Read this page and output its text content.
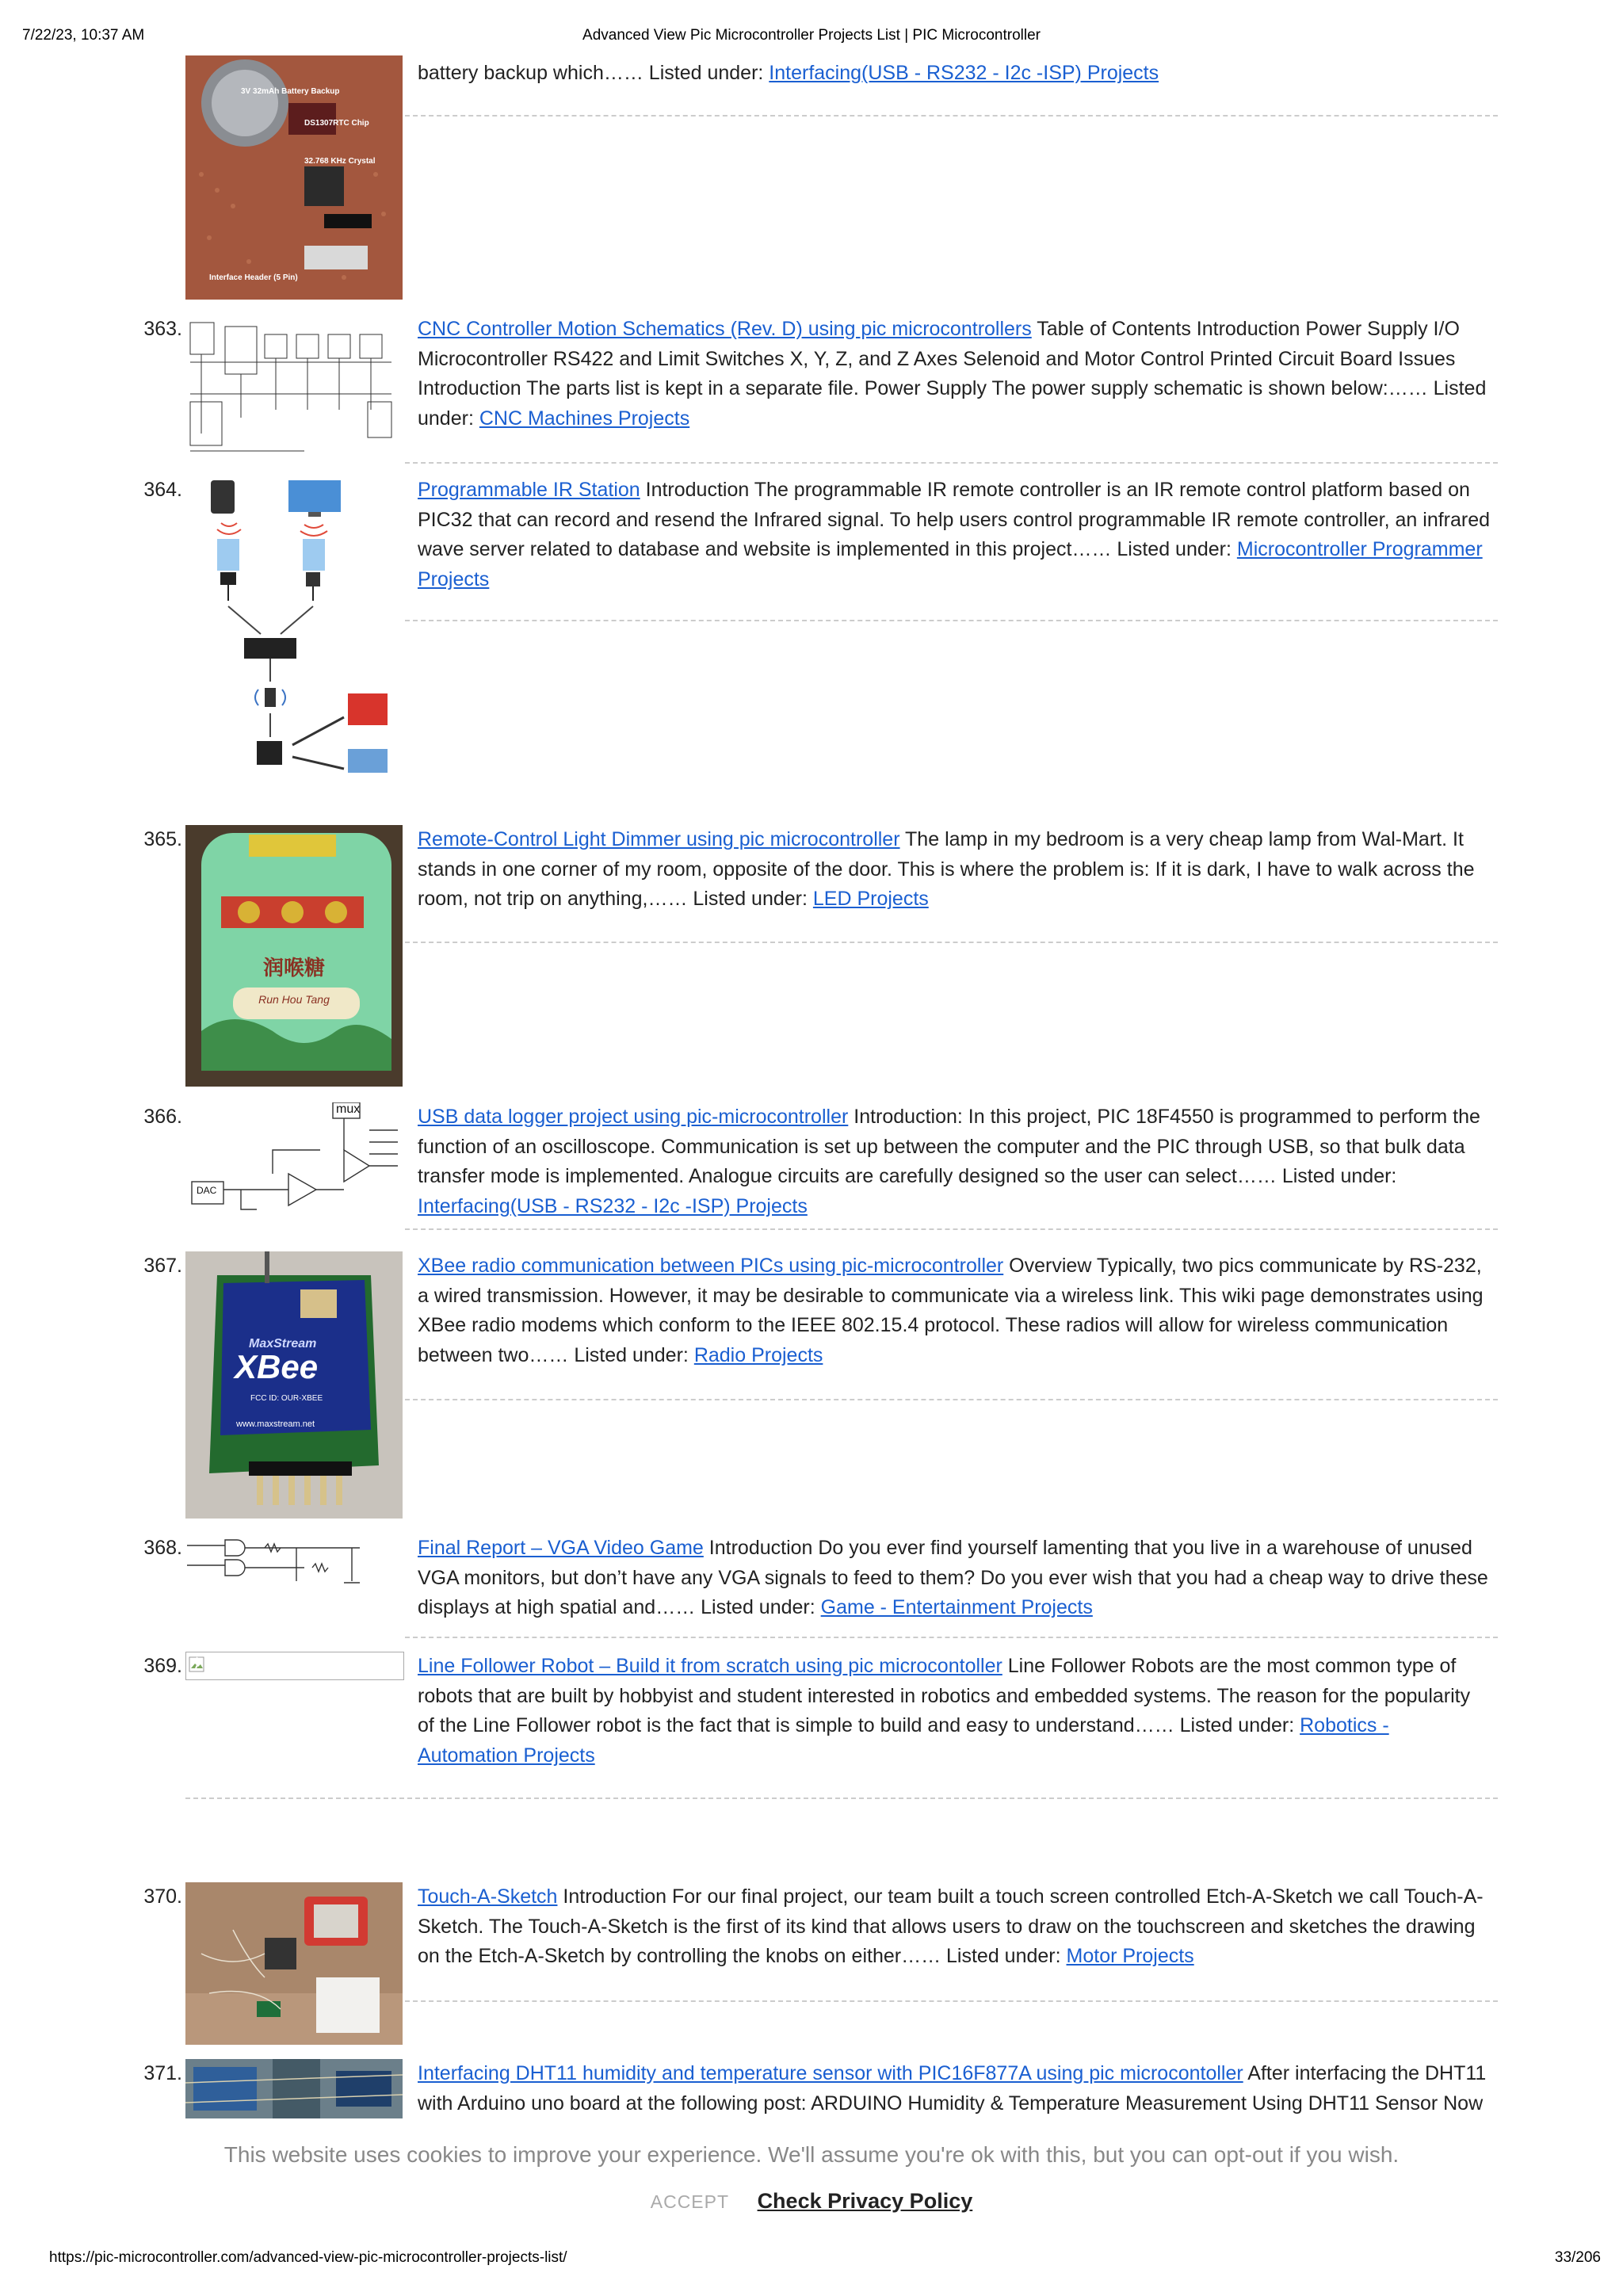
7/22/23, 10:37 AM	Advanced View Pic Microcontroller Projects List | PIC Microcontroller
3V 32mAh Battery Backup
DS1307RTC Chip
32.768 KHz Crystal
Interface Header (5 Pin)
battery backup which…… Listed under: Interfacing(USB - RS232 - I2c -ISP) Projects
363.	CNC Controller Motion Schematics (Rev. D) using pic microcontrollers Table of Contents Introduction Power Supply I/O Microcontroller RS422 and Limit Switches X, Y, Z, and Z Axes Selenoid and Motor Control Printed Circuit Board Issues Introduction The parts list is kept in a separate file. Power Supply The power supply schematic is shown below:…… Listed under: CNC Machines Projects
364.	Programmable IR Station Introduction The programmable IR remote controller is an IR remote control platform based on PIC32 that can record and resend the Infrared signal. To help users control programmable IR remote controller, an infrared wave server related to database and website is implemented in this project…… Listed under: Microcontroller Programmer Projects
365.
润喉糖
Run Hou Tang
Remote-Control Light Dimmer using pic microcontroller The lamp in my bedroom is a very cheap lamp from Wal-Mart. It stands in one corner of my room, opposite of the door. This is where the problem is: If it is dark, I have to walk across the room, not trip on anything,…… Listed under: LED Projects
366.	mux
DAC
USB data logger project using pic-microcontroller Introduction: In this project, PIC 18F4550 is programmed to perform the function of an oscilloscope. Communication is set up between the computer and the PIC through USB, so that bulk data transfer mode is implemented. Analogue circuits are carefully designed so the user can select…… Listed under: Interfacing(USB - RS232 - I2c -ISP) Projects
367.
MaxStream
XBee
FCC ID: OUR-XBEE
www.maxstream.net
XBee radio communication between PICs using pic-microcontroller Overview Typically, two pics communicate by RS-232, a wired transmission. However, it may be desirable to communicate via a wireless link. This wiki page demonstrates using XBee radio modems which conform to the IEEE 802.15.4 protocol. These radios will allow for wireless communication between two…… Listed under: Radio Projects
368.	Final Report – VGA Video Game Introduction Do you ever find yourself lamenting that you live in a warehouse of unused VGA monitors, but don’t have any VGA signals to feed to them? Do you ever wish that you had a cheap way to drive these displays at high spatial and…… Listed under: Game - Entertainment Projects
369.	Line Follower Robot – Build it from scratch using pic microcontoller Line Follower Robots are the most common type of robots that are built by hobbyist and student interested in robotics and embedded systems. The reason for the popularity of the Line Follower robot is the fact that is simple to build and easy to understand…… Listed under: Robotics - Automation Projects
370.	Touch-A-Sketch Introduction For our final project, our team built a touch screen controlled Etch-A-Sketch we call Touch-A-Sketch. The Touch-A-Sketch is the first of its kind that allows users to draw on the touchscreen and sketches the drawing on the Etch-A-Sketch by controlling the knobs on either…… Listed under: Motor Projects
371.	Interfacing DHT11 humidity and temperature sensor with PIC16F877A using pic microcontoller After interfacing the DHT11 with Arduino uno board at the following post: ARDUINO Humidity & Temperature Measurement Using DHT11 Sensor Now
This website uses cookies to improve your experience. We'll assume you're ok with this, but you can opt-out if you wish.
ACCEPT Check Privacy Policy
https://pic-microcontroller.com/advanced-view-pic-microcontroller-projects-list/	33/206
